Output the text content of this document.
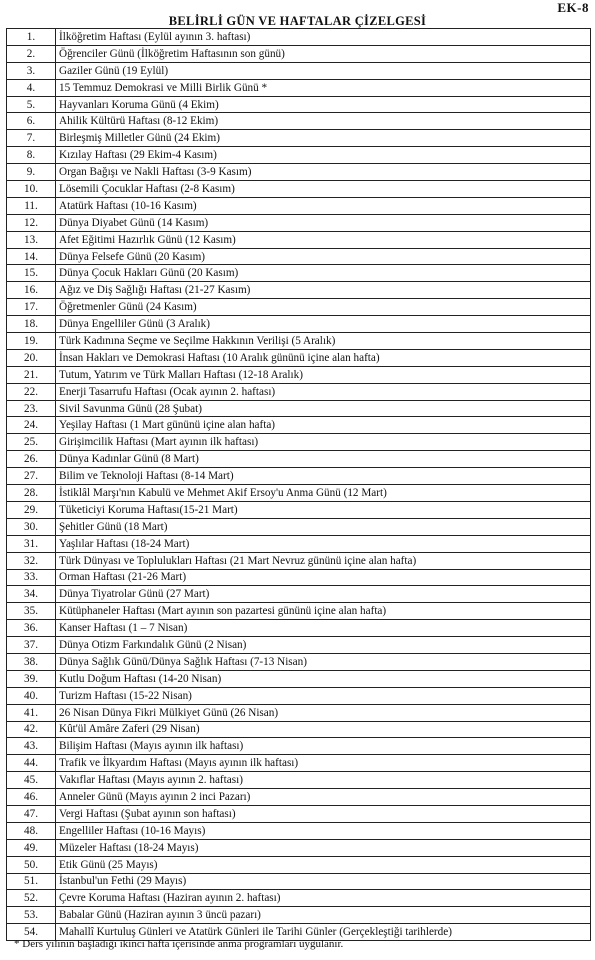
EK-8
BELİRLİ GÜN VE HAFTALAR ÇİZELGESİ
1.	İlköğretim Haftası (Eylül ayının 3. haftası)
2.	Öğrenciler Günü (İlköğretim Haftasının son günü)
3.	Gaziler Günü (19 Eylül)
4.	15 Temmuz Demokrasi ve Milli Birlik Günü *
5.	Hayvanları Koruma Günü (4 Ekim)
6.	Ahilik Kültürü Haftası (8-12 Ekim)
7.	Birleşmiş Milletler Günü (24 Ekim)
8.	Kızılay Haftası (29 Ekim-4 Kasım)
9.	Organ Bağışı ve Nakli Haftası (3-9 Kasım)
10.	Lösemili Çocuklar Haftası (2-8 Kasım)
11.	Atatürk Haftası (10-16 Kasım)
12.	Dünya Diyabet Günü (14 Kasım)
13.	Afet Eğitimi Hazırlık Günü (12 Kasım)
14.	Dünya Felsefe Günü (20 Kasım)
15.	Dünya Çocuk Hakları Günü (20 Kasım)
16.	Ağız ve Diş Sağlığı Haftası (21-27 Kasım)
17.	Öğretmenler Günü (24 Kasım)
18.	Dünya Engelliler Günü (3 Aralık)
19.	Türk Kadınına Seçme ve Seçilme Hakkının Verilişi (5 Aralık)
20.	İnsan Hakları ve Demokrasi Haftası (10 Aralık gününü içine alan hafta)
21.	Tutum, Yatırım ve Türk Malları Haftası (12-18 Aralık)
22.	Enerji Tasarrufu Haftası (Ocak ayının 2. haftası)
23.	Sivil Savunma Günü (28 Şubat)
24.	Yeşilay Haftası (1 Mart gününü içine alan hafta)
25.	Girişimcilik Haftası (Mart ayının ilk haftası)
26.	Dünya Kadınlar Günü (8 Mart)
27.	Bilim ve Teknoloji Haftası (8-14 Mart)
28.	İstiklâl Marşı'nın Kabulü ve Mehmet Akif Ersoy'u Anma Günü (12 Mart)
29.	Tüketiciyi Koruma Haftası(15-21 Mart)
30.	Şehitler Günü (18 Mart)
31.	Yaşlılar Haftası (18-24 Mart)
32.	Türk Dünyası ve Toplulukları Haftası (21 Mart Nevruz gününü içine alan hafta)
33.	Orman Haftası (21-26 Mart)
34.	Dünya Tiyatrolar Günü (27 Mart)
35.	Kütüphaneler Haftası (Mart ayının son pazartesi gününü içine alan hafta)
36.	Kanser Haftası (1 – 7 Nisan)
37.	Dünya Otizm Farkındalık Günü (2 Nisan)
38.	Dünya Sağlık Günü/Dünya Sağlık Haftası (7-13 Nisan)
39.	Kutlu Doğum Haftası (14-20 Nisan)
40.	Turizm Haftası (15-22 Nisan)
41.	26 Nisan Dünya Fikri Mülkiyet Günü (26 Nisan)
42.	Kût'ül Amâre Zaferi (29 Nisan)
43.	Bilişim Haftası (Mayıs ayının ilk haftası)
44.	Trafik ve İlkyardım Haftası (Mayıs ayının ilk haftası)
45.	Vakıflar Haftası (Mayıs ayının 2. haftası)
46.	Anneler Günü (Mayıs ayının 2 inci Pazarı)
47.	Vergi Haftası (Şubat ayının son haftası)
48.	Engelliler Haftası (10-16 Mayıs)
49.	Müzeler Haftası (18-24 Mayıs)
50.	Etik Günü (25 Mayıs)
51.	İstanbul'un Fethi (29 Mayıs)
52.	Çevre Koruma Haftası (Haziran ayının 2. haftası)
53.	Babalar Günü (Haziran ayının 3 üncü pazarı)
54.	Mahallî Kurtuluş Günleri ve Atatürk Günleri ile Tarihi Günler (Gerçekleştiği tarihlerde)
* Ders yılının başladığı ikinci hafta içerisinde anma programları uygulanır.
